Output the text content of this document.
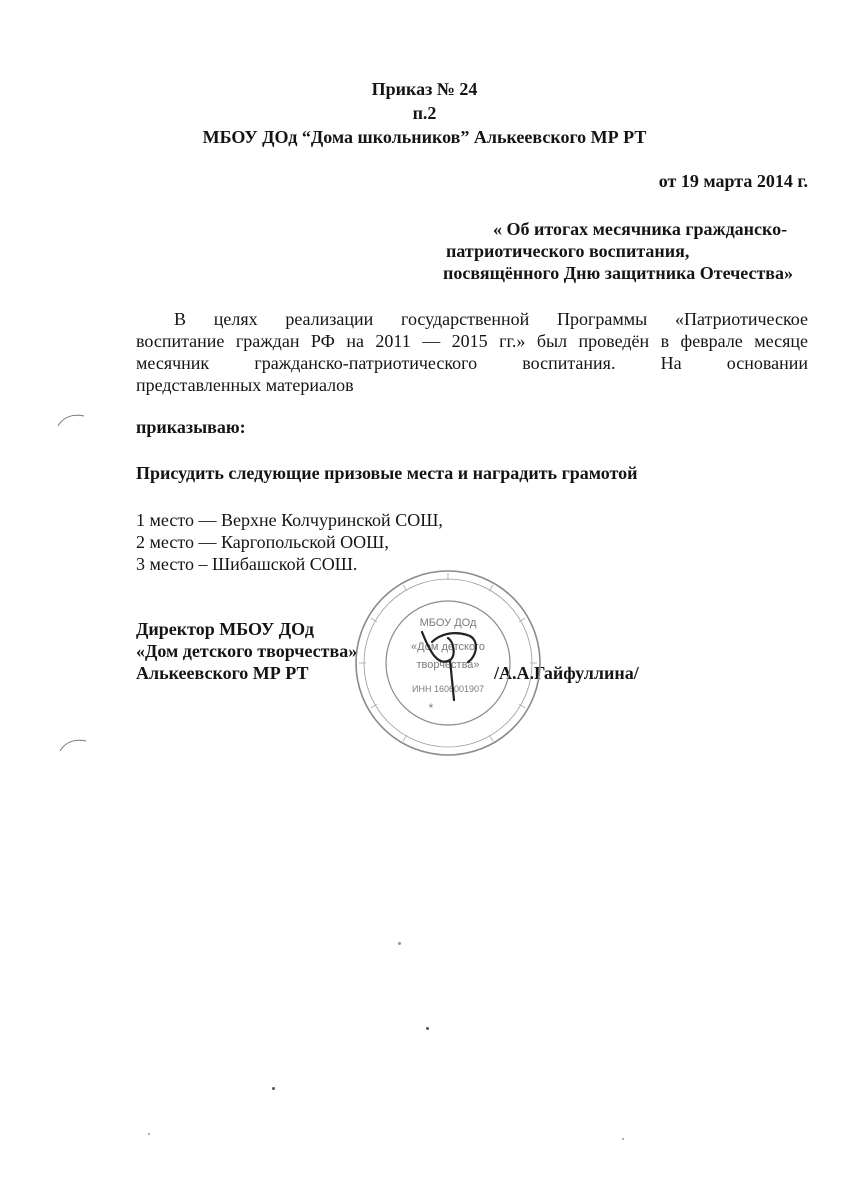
Приказ № 24
п.2
МБОУ ДОд “Дома школьников” Алькеевского МР РТ
от 19 марта 2014 г.
« Об итогах месячника гражданско-
патриотического воспитания,
посвящённого Дню защитника Отечества»
В целях реализации государственной Программы «Патриотическое
воспитание граждан РФ на 2011 — 2015 гг.» был проведён в феврале месяце
месячник гражданско-патриотического воспитания. На основании
представленных материалов
приказываю:
Присудить следующие призовые места и наградить грамотой
1 место — Верхне Колчуринской СОШ,
2 место — Каргопольской ООШ,
3 место – Шибашской СОШ.
Директор МБОУ ДОд
«Дом детского творчества»
Алькеевского МР РТ	/А.А.Гайфуллина/
МБОУ ДОд
«Дом детского
творчества»
ИНН 1606001907
*
